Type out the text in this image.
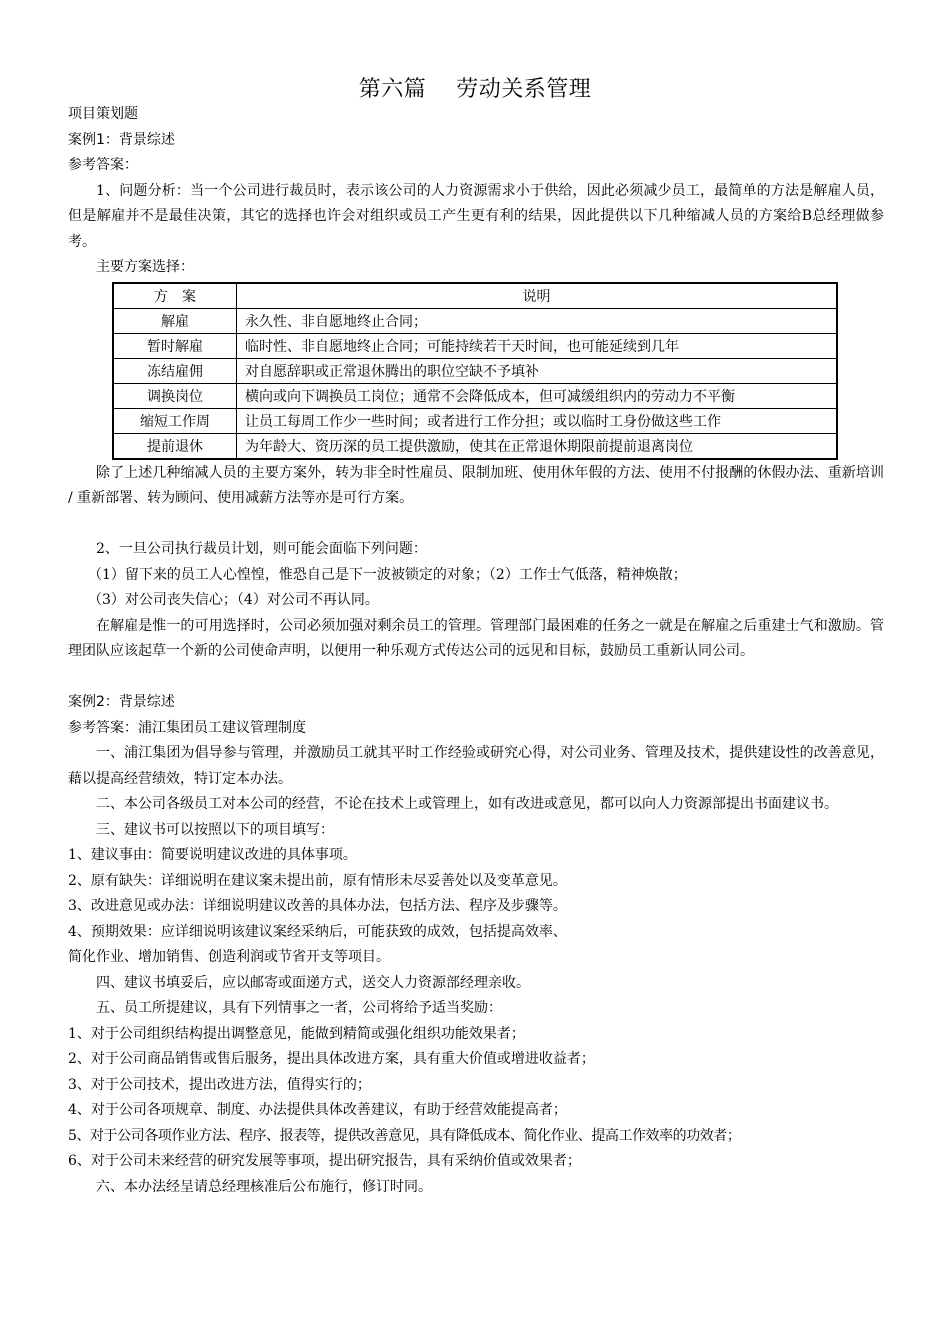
第六篇    劳动关系管理
项目策划题
案例1：背景综述
参考答案：
1、问题分析：当一个公司进行裁员时，表示该公司的人力资源需求小于供给，因此必须减少员工，最简单的方法是解雇人员，但是解雇并不是最佳决策，其它的选择也许会对组织或员工产生更有利的结果，因此提供以下几种缩减人员的方案给B总经理做参考。
主要方案选择：
方　案	说明
解雇	永久性、非自愿地终止合同；
暂时解雇	临时性、非自愿地终止合同；可能持续若干天时间，也可能延续到几年
冻结雇佣	对自愿辞职或正常退休腾出的职位空缺不予填补
调换岗位	横向或向下调换员工岗位；通常不会降低成本，但可减缓组织内的劳动力不平衡
缩短工作周	让员工每周工作少一些时间；或者进行工作分担；或以临时工身份做这些工作
提前退休	为年龄大、资历深的员工提供激励，使其在正常退休期限前提前退离岗位
除了上述几种缩减人员的主要方案外，转为非全时性雇员、限制加班、使用休年假的方法、使用不付报酬的休假办法、重新培训 / 重新部署、转为顾问、使用减薪方法等亦是可行方案。
2、一旦公司执行裁员计划，则可能会面临下列问题：
（1）留下来的员工人心惶惶，惟恐自己是下一波被锁定的对象；（2）工作士气低落，精神焕散；
（3）对公司丧失信心；（4）对公司不再认同。
在解雇是惟一的可用选择时，公司必须加强对剩余员工的管理。管理部门最困难的任务之一就是在解雇之后重建士气和激励。管理团队应该起草一个新的公司使命声明，以便用一种乐观方式传达公司的远见和目标，鼓励员工重新认同公司。
案例2：背景综述
参考答案：浦江集团员工建议管理制度
一、浦江集团为倡导参与管理，并激励员工就其平时工作经验或研究心得，对公司业务、管理及技术，提供建设性的改善意见，藉以提高经营绩效，特订定本办法。
二、本公司各级员工对本公司的经营，不论在技术上或管理上，如有改进或意见，都可以向人力资源部提出书面建议书。
三、建议书可以按照以下的项目填写：
1、建议事由：简要说明建议改进的具体事项。
2、原有缺失：详细说明在建议案未提出前，原有情形未尽妥善处以及变革意见。
3、改进意见或办法：详细说明建议改善的具体办法，包括方法、程序及步骤等。
4、预期效果：应详细说明该建议案经采纳后，可能获致的成效，包括提高效率、
简化作业、增加销售、创造利润或节省开支等项目。
四、建议书填妥后，应以邮寄或面递方式，送交人力资源部经理亲收。
五、员工所提建议，具有下列情事之一者，公司将给予适当奖励：
1、对于公司组织结构提出调整意见，能做到精简或强化组织功能效果者；
2、对于公司商品销售或售后服务，提出具体改进方案，具有重大价值或增进收益者；
3、对于公司技术，提出改进方法，值得实行的；
4、对于公司各项规章、制度、办法提供具体改善建议，有助于经营效能提高者；
5、对于公司各项作业方法、程序、报表等，提供改善意见，具有降低成本、简化作业、提高工作效率的功效者；
6、对于公司未来经营的研究发展等事项，提出研究报告，具有采纳价值或效果者；
六、本办法经呈请总经理核准后公布施行，修订时同。
